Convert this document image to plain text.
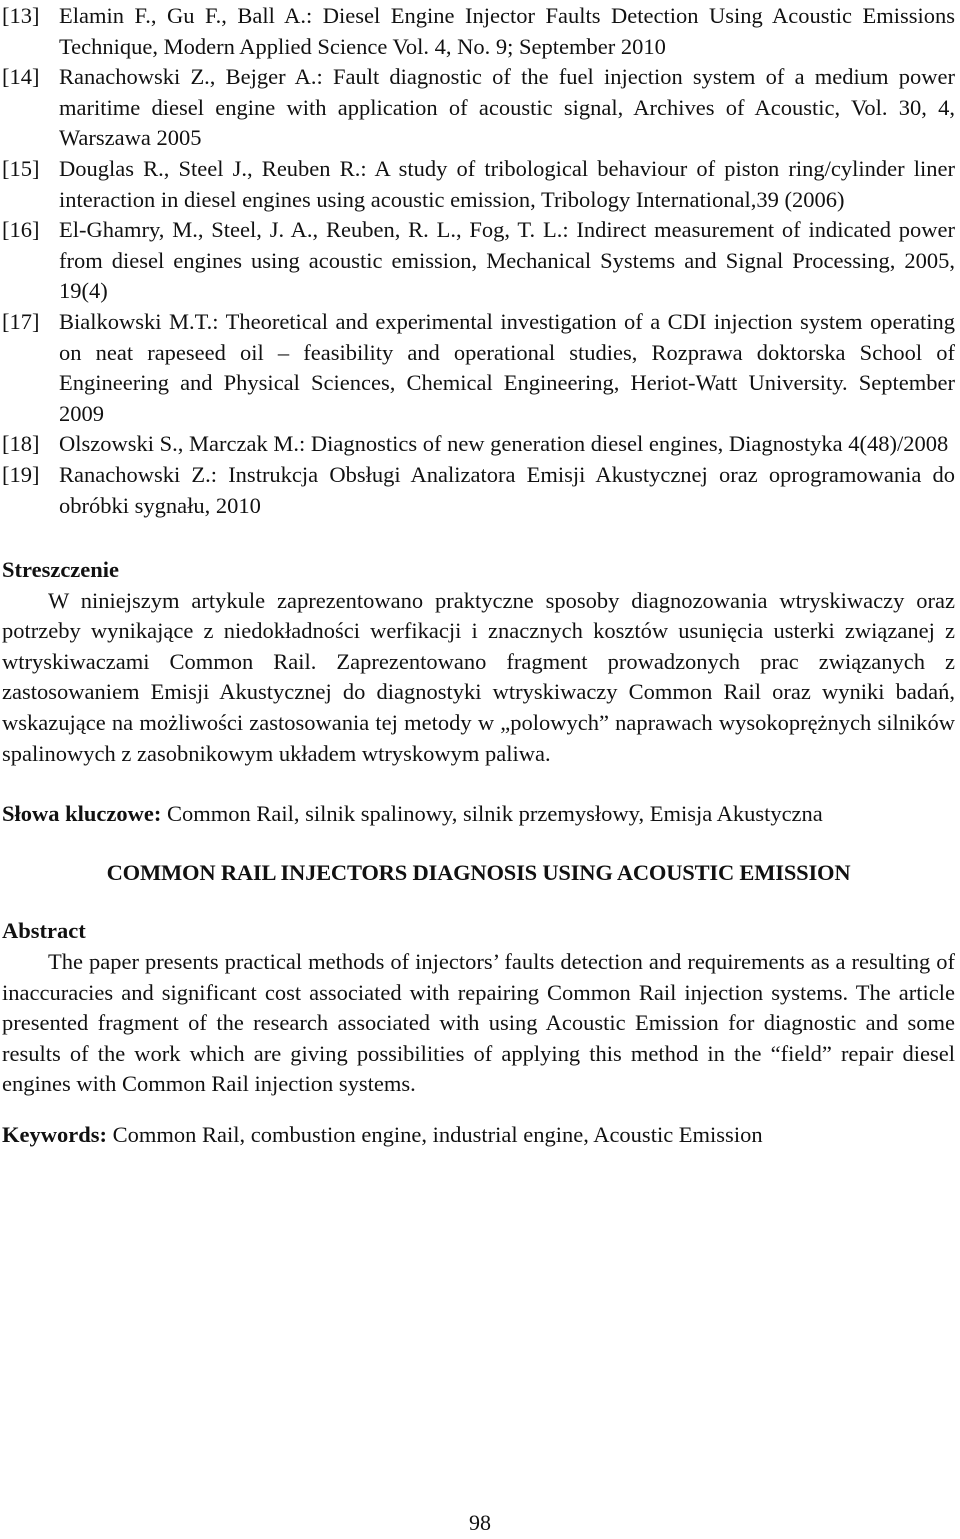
[13] Elamin F., Gu F., Ball A.: Diesel Engine Injector Faults Detection Using Acoustic Emissions Technique, Modern Applied Science Vol. 4, No. 9; September 2010
[14] Ranachowski Z., Bejger A.: Fault diagnostic of the fuel injection system of a medium power maritime diesel engine with application of acoustic signal, Archives of Acoustic, Vol. 30, 4, Warszawa 2005
[15] Douglas R., Steel J., Reuben R.: A study of tribological behaviour of piston ring/cylinder liner interaction in diesel engines using acoustic emission, Tribology International,39 (2006)
[16] El-Ghamry, M., Steel, J. A., Reuben, R. L., Fog, T. L.: Indirect measurement of indicated power from diesel engines using acoustic emission, Mechanical Systems and Signal Processing, 2005, 19(4)
[17] Bialkowski M.T.: Theoretical and experimental investigation of a CDI injection system operating on neat rapeseed oil – feasibility and operational studies, Rozprawa doktorska School of Engineering and Physical Sciences, Chemical Engineering, Heriot-Watt University. September 2009
[18] Olszowski S., Marczak M.: Diagnostics of new generation diesel engines, Diagnostyka 4(48)/2008
[19] Ranachowski Z.: Instrukcja Obsługi Analizatora Emisji Akustycznej oraz oprogramowania do obróbki sygnału, 2010

Streszczenie

W niniejszym artykule zaprezentowano praktyczne sposoby diagnozowania wtryskiwaczy oraz potrzeby wynikające z niedokładności werfikacji i znacznych kosztów usunięcia usterki związanej z wtryskiwaczami Common Rail. Zaprezentowano fragment prowadzonych prac związanych z zastosowaniem Emisji Akustycznej do diagnostyki wtryskiwaczy Common Rail oraz wyniki badań, wskazujące na możliwości zastosowania tej metody w „polowych” naprawach wysokoprężnych silników spalinowych z zasobnikowym układem wtryskowym paliwa.

Słowa kluczowe: Common Rail, silnik spalinowy, silnik przemysłowy, Emisja Akustyczna

COMMON RAIL INJECTORS DIAGNOSIS USING ACOUSTIC EMISSION

Abstract

The paper presents practical methods of injectors’ faults detection and requirements as a resulting of inaccuracies and significant cost associated with repairing Common Rail injection systems. The article presented fragment of the research associated with using Acoustic Emission for diagnostic and some results of the work which are giving possibilities of applying this method in the “field” repair diesel engines with Common Rail injection systems.

Keywords: Common Rail, combustion engine, industrial engine, Acoustic Emission

98
